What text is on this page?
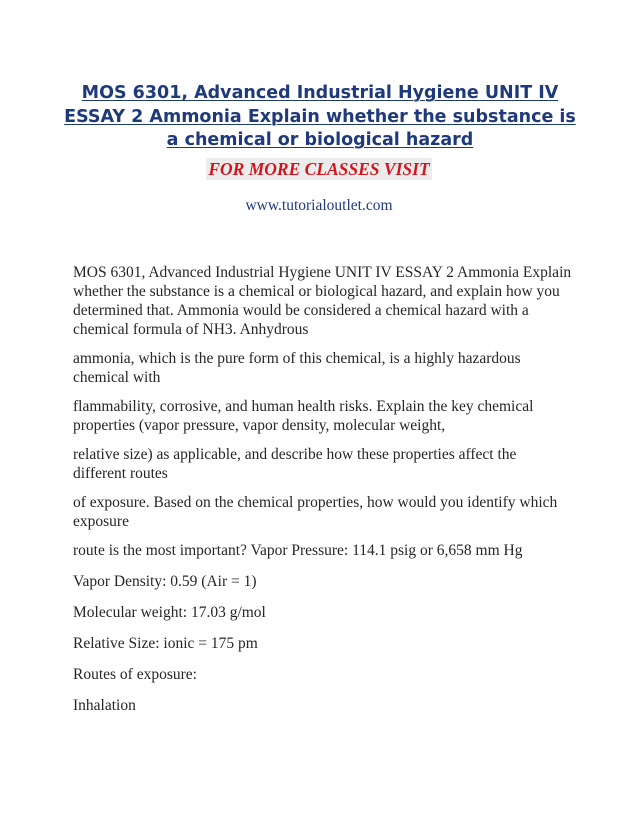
MOS 6301, Advanced Industrial Hygiene UNIT IV ESSAY 2 Ammonia Explain whether the substance is a chemical or biological hazard
FOR MORE CLASSES VISIT
www.tutorialoutlet.com

MOS 6301, Advanced Industrial Hygiene UNIT IV ESSAY 2 Ammonia Explain whether the substance is a chemical or biological hazard, and explain how you determined that. Ammonia would be considered a chemical hazard with a chemical formula of NH3. Anhydrous

ammonia, which is the pure form of this chemical, is a highly hazardous chemical with

flammability, corrosive, and human health risks. Explain the key chemical properties (vapor pressure, vapor density, molecular weight,

relative size) as applicable, and describe how these properties affect the different routes

of exposure. Based on the chemical properties, how would you identify which exposure

route is the most important? Vapor Pressure: 114.1 psig or 6,658 mm Hg

Vapor Density: 0.59 (Air = 1)

Molecular weight: 17.03 g/mol

Relative Size: ionic = 175 pm

Routes of exposure:

Inhalation
